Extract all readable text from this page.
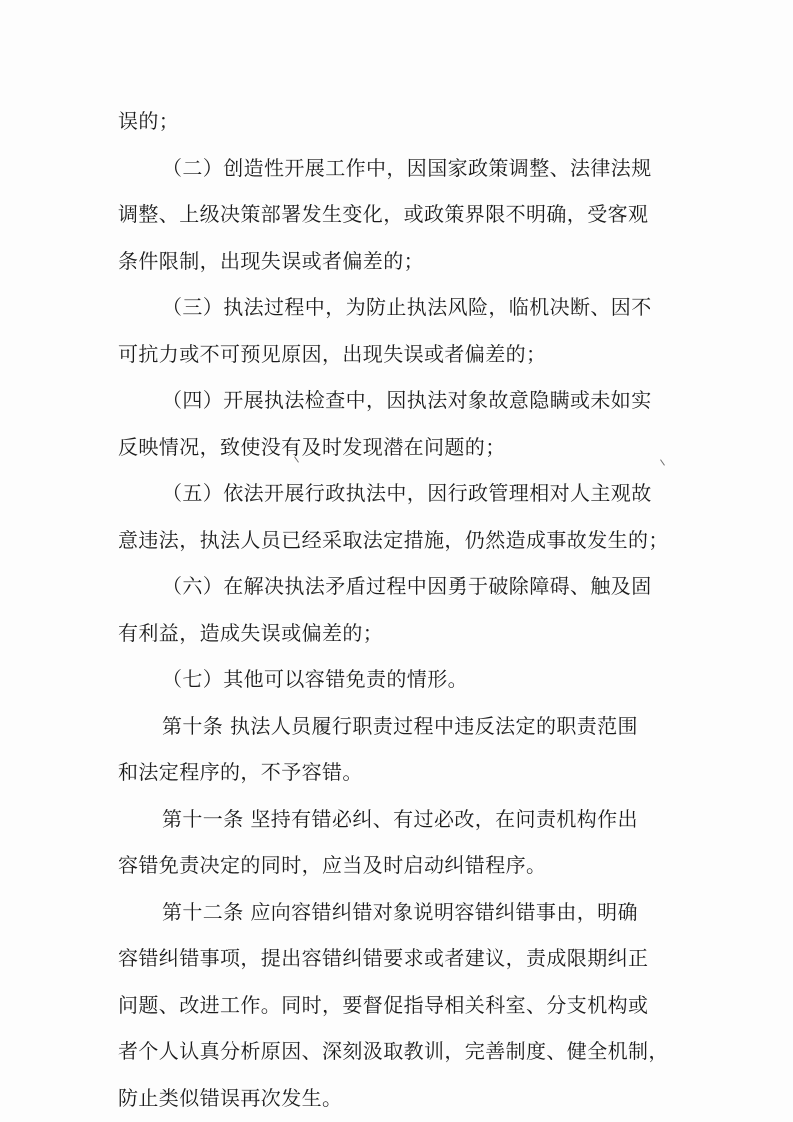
误的；
（二）创造性开展工作中，因国家政策调整、法律法规
调整、上级决策部署发生变化，或政策界限不明确，受客观
条件限制，出现失误或者偏差的；
（三）执法过程中，为防止执法风险，临机决断、因不
可抗力或不可预见原因，出现失误或者偏差的；
（四）开展执法检查中，因执法对象故意隐瞒或未如实
反映情况，致使没有及时发现潜在问题的；
（五）依法开展行政执法中，因行政管理相对人主观故
意违法，执法人员已经采取法定措施，仍然造成事故发生的；
（六）在解决执法矛盾过程中因勇于破除障碍、触及固
有利益，造成失误或偏差的；
（七）其他可以容错免责的情形。
第十条 执法人员履行职责过程中违反法定的职责范围
和法定程序的，不予容错。
第十一条 坚持有错必纠、有过必改，在问责机构作出
容错免责决定的同时，应当及时启动纠错程序。
第十二条 应向容错纠错对象说明容错纠错事由，明确
容错纠错事项，提出容错纠错要求或者建议，责成限期纠正
问题、改进工作。同时，要督促指导相关科室、分支机构或
者个人认真分析原因、深刻汲取教训，完善制度、健全机制，
防止类似错误再次发生。
